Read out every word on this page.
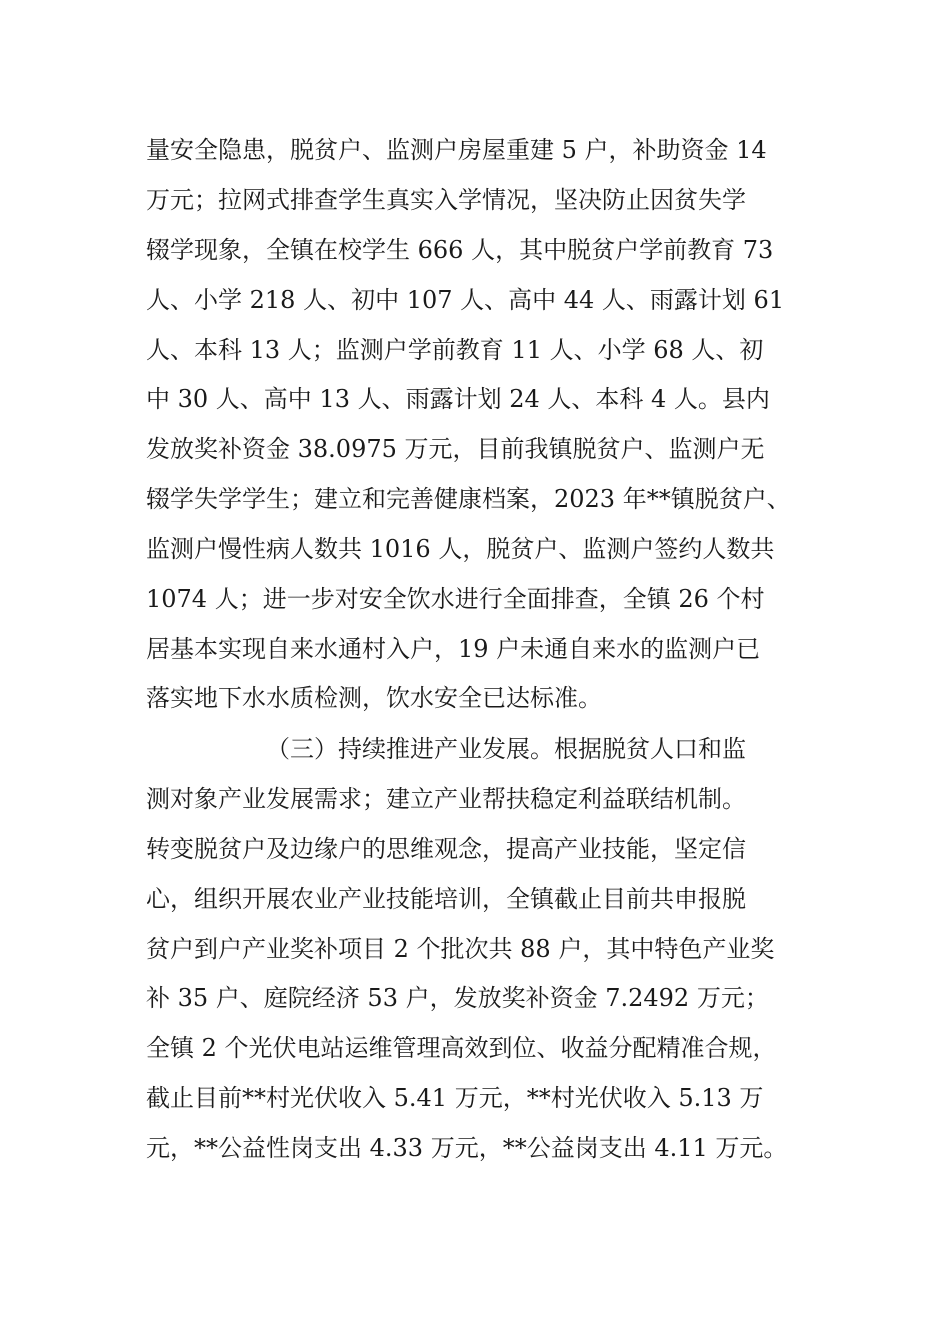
量安全隐患，脱贫户、监测户房屋重建 5 户，补助资金 14
万元；拉网式排查学生真实入学情况，坚决防止因贫失学
辍学现象，全镇在校学生 666 人，其中脱贫户学前教育 73
人、小学 218 人、初中 107 人、高中 44 人、雨露计划 61
人、本科 13 人；监测户学前教育 11 人、小学 68 人、初
中 30 人、高中 13 人、雨露计划 24 人、本科 4 人。县内
发放奖补资金 38.0975 万元，目前我镇脱贫户、监测户无
辍学失学学生；建立和完善健康档案，2023 年**镇脱贫户、
监测户慢性病人数共 1016 人，脱贫户、监测户签约人数共
1074 人；进一步对安全饮水进行全面排查，全镇 26 个村
居基本实现自来水通村入户，19 户未通自来水的监测户已
落实地下水水质检测，饮水安全已达标准。
（三）持续推进产业发展。根据脱贫人口和监
测对象产业发展需求；建立产业帮扶稳定利益联结机制。
转变脱贫户及边缘户的思维观念，提高产业技能，坚定信
心，组织开展农业产业技能培训，全镇截止目前共申报脱
贫户到户产业奖补项目 2 个批次共 88 户，其中特色产业奖
补 35 户、庭院经济 53 户，发放奖补资金 7.2492 万元；
全镇 2 个光伏电站运维管理高效到位、收益分配精准合规，
截止目前**村光伏收入 5.41 万元，**村光伏收入 5.13 万
元，**公益性岗支出 4.33 万元，**公益岗支出 4.11 万元。
